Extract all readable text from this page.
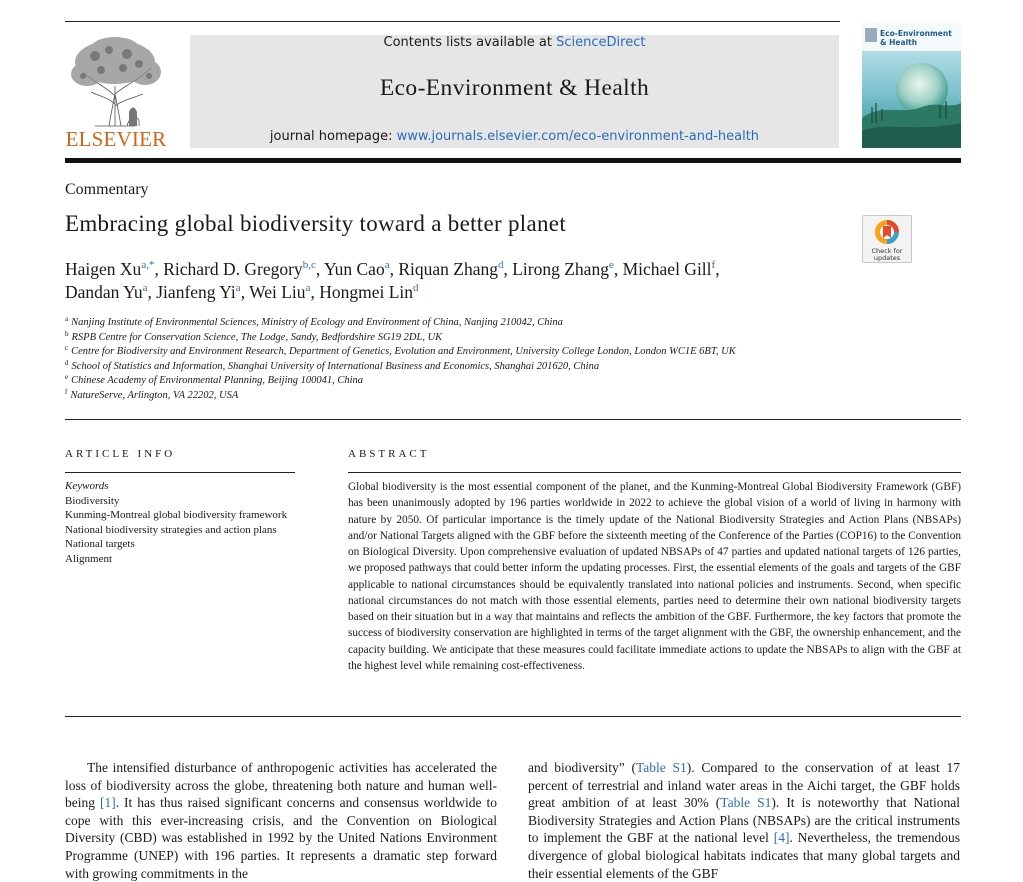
ELSEVIER
Contents lists available at ScienceDirect
Eco-Environment & Health
journal homepage: www.journals.elsevier.com/eco-environment-and-health
Eco-Environment & Health
Commentary
Embracing global biodiversity toward a better planet
Check for updates
Haigen $Xu^{a,*}$, Richard D. Gregory$^{b,c}$, Yun Cao$^a$, Riquan Zhang$^d$, Lirong Zhang$^e$, Michael Gill$^f$,
Dandan Yu$^a$, Jianfeng Yi$^a$, Wei Liu$^a$, Hongmei Lin$^d$
$^a$ Nanjing Institute of Environmental Sciences, Ministry of Ecology and Environment of China, Nanjing 210042, China
$^b$ RSPB Centre for Conservation Science, The Lodge, Sandy, Bedfordshire SG19 2DL, UK
$^c$ Centre for Biodiversity and Environment Research, Department of Genetics, Evolution and Environment, University College London, London WC1E 6BT, UK
$^d$ School of Statistics and Information, Shanghai University of International Business and Economics, Shanghai 201620, China
$^e$ Chinese Academy of Environmental Planning, Beijing 100041, China
$^f$ NatureServe, Arlington, VA 22202, USA
ARTICLE INFO
Keywords
Biodiversity
Kunming-Montreal global biodiversity framework
National biodiversity strategies and action plans
National targets
Alignment
ABSTRACT
Global biodiversity is the most essential component of the planet, and the Kunming-Montreal Global Biodiversity Framework (GBF) has been unanimously adopted by 196 parties worldwide in 2022 to achieve the global vision of a world of living in harmony with nature by 2050. Of particular importance is the timely update of the National Biodiversity Strategies and Action Plans (NBSAPs) and/or National Targets aligned with the GBF before the sixteenth meeting of the Conference of the Parties (COP16) to the Convention on Biological Diversity. Upon comprehensive evaluation of updated NBSAPs of 47 parties and updated national targets of 126 parties, we proposed pathways that could better inform the updating processes. First, the essential elements of the goals and targets of the GBF applicable to national circumstances should be equivalently translated into national policies and instruments. Second, when specific national circumstances do not match with those essential elements, parties need to determine their own national biodiversity targets based on their situation but in a way that maintains and reflects the ambition of the GBF. Furthermore, the key factors that promote the success of biodiversity conservation are highlighted in terms of the target alignment with the GBF, the ownership enhancement, and the capacity building. We anticipate that these measures could facilitate immediate actions to update the NBSAPs to align with the GBF at the highest level while remaining cost-effectiveness.
The intensified disturbance of anthropogenic activities has accelerated the loss of biodiversity across the globe, threatening both nature and human well-being [1]. It has thus raised significant concerns and consensus worldwide to cope with this ever-increasing crisis, and the Convention on Biological Diversity (CBD) was established in 1992 by the United Nations Environment Programme (UNEP) with 196 parties. It represents a dramatic step forward with growing commitments in the
and biodiversity” (Table S1). Compared to the conservation of at least 17 percent of terrestrial and inland water areas in the Aichi target, the GBF holds great ambition of at least 30% (Table S1). It is noteworthy that National Biodiversity Strategies and Action Plans (NBSAPs) are the critical instruments to implement the GBF at the national level [4]. Nevertheless, the tremendous divergence of global biological habitats indicates that many global targets and their essential elements of the GBF
